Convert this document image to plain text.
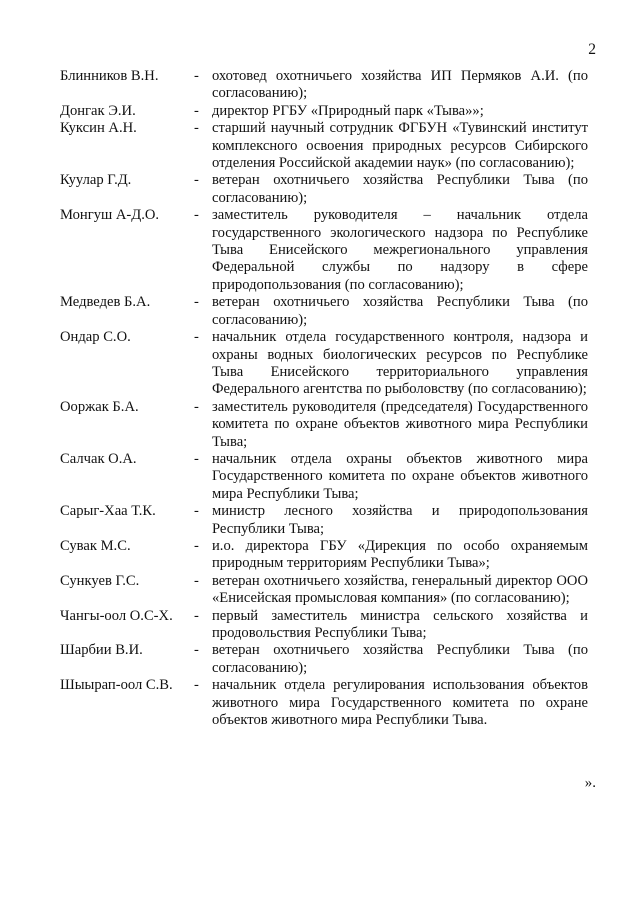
2
Блинников В.Н.	- охотовед охотничьего хозяйства ИП Пермяков А.И. (по согласованию);
Донгак Э.И.	- директор РГБУ «Природный парк «Тыва»»;
Куксин А.Н.	- старший научный сотрудник ФГБУН «Тувинский институт комплексного освоения природных ресурсов Сибирского отделения Российской академии наук» (по согласованию);
Куулар Г.Д.	- ветеран охотничьего хозяйства Республики Тыва (по согласованию);
Монгуш А-Д.О.	- заместитель руководителя – начальник отдела государственного экологического надзора по Республике Тыва Енисейского межрегионального управления Федеральной службы по надзору в сфере природопользования (по согласованию);
Медведев Б.А.	- ветеран охотничьего хозяйства Республики Тыва (по согласованию);
Ондар С.О.	- начальник отдела государственного контроля, надзора и охраны водных биологических ресурсов по Республике Тыва Енисейского территориального управления Федерального агентства по рыболовству (по согласованию);
Ооржак Б.А.	- заместитель руководителя (председателя) Государственного комитета по охране объектов животного мира Республики Тыва;
Салчак О.А.	- начальник отдела охраны объектов животного мира Государственного комитета по охране объектов животного мира Республики Тыва;
Сарыг-Хаа Т.К.	- министр лесного хозяйства и природопользования Республики Тыва;
Сувак М.С.	- и.о. директора ГБУ «Дирекция по особо охраняемым природным территориям Республики Тыва»;
Сункуев Г.С.	- ветеран охотничьего хозяйства, генеральный директор ООО «Енисейская промысловая компания» (по согласованию);
Чангы-оол О.С-Х.	- первый заместитель министра сельского хозяйства и продовольствия Республики Тыва;
Шарбии В.И.	- ветеран охотничьего хозяйства Республики Тыва (по согласованию);
Шыырап-оол С.В.	- начальник отдела регулирования использования объектов животного мира Государственного комитета по охране объектов животного мира Республики Тыва.
».
